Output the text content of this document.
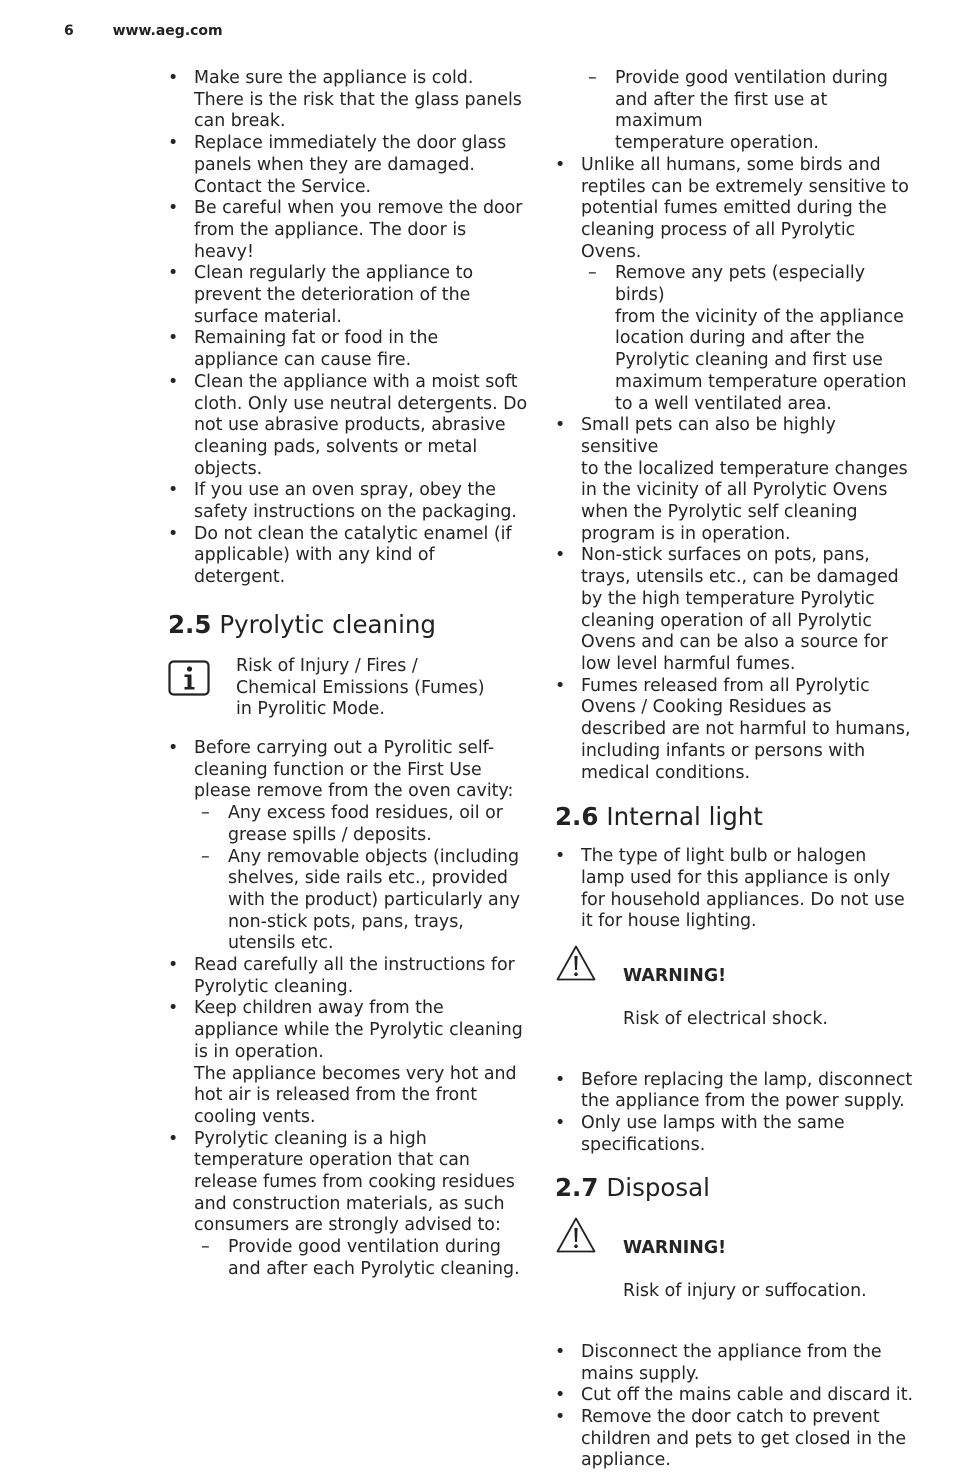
6	www.aeg.com
• Make sure the appliance is cold.
There is the risk that the glass panels
can break.
• Replace immediately the door glass
panels when they are damaged.
Contact the Service.
• Be careful when you remove the door
from the appliance. The door is
heavy!
• Clean regularly the appliance to
prevent the deterioration of the
surface material.
• Remaining fat or food in the
appliance can cause fire.
• Clean the appliance with a moist soft
cloth. Only use neutral detergents. Do
not use abrasive products, abrasive
cleaning pads, solvents or metal
objects.
• If you use an oven spray, obey the
safety instructions on the packaging.
• Do not clean the catalytic enamel (if
applicable) with any kind of
detergent.
2.5 Pyrolytic cleaning
Risk of Injury / Fires /
Chemical Emissions (Fumes)
in Pyrolitic Mode.
• Before carrying out a Pyrolitic self-
cleaning function or the First Use
please remove from the oven cavity:
– Any excess food residues, oil or
grease spills / deposits.
– Any removable objects (including
shelves, side rails etc., provided
with the product) particularly any
non-stick pots, pans, trays,
utensils etc.
• Read carefully all the instructions for
Pyrolytic cleaning.
• Keep children away from the
appliance while the Pyrolytic cleaning
is in operation.
The appliance becomes very hot and
hot air is released from the front
cooling vents.
• Pyrolytic cleaning is a high
temperature operation that can
release fumes from cooking residues
and construction materials, as such
consumers are strongly advised to:
– Provide good ventilation during
and after each Pyrolytic cleaning.
– Provide good ventilation during
and after the first use at maximum
temperature operation.
• Unlike all humans, some birds and
reptiles can be extremely sensitive to
potential fumes emitted during the
cleaning process of all Pyrolytic
Ovens.
– Remove any pets (especially birds)
from the vicinity of the appliance
location during and after the
Pyrolytic cleaning and first use
maximum temperature operation
to a well ventilated area.
• Small pets can also be highly sensitive
to the localized temperature changes
in the vicinity of all Pyrolytic Ovens
when the Pyrolytic self cleaning
program is in operation.
• Non-stick surfaces on pots, pans,
trays, utensils etc., can be damaged
by the high temperature Pyrolytic
cleaning operation of all Pyrolytic
Ovens and can be also a source for
low level harmful fumes.
• Fumes released from all Pyrolytic
Ovens / Cooking Residues as
described are not harmful to humans,
including infants or persons with
medical conditions.
2.6 Internal light
• The type of light bulb or halogen
lamp used for this appliance is only
for household appliances. Do not use
it for house lighting.

WARNING!

Risk of electrical shock.

• Before replacing the lamp, disconnect
the appliance from the power supply.
• Only use lamps with the same
specifications.
2.7 Disposal

WARNING!

Risk of injury or suffocation.

• Disconnect the appliance from the
mains supply.
• Cut off the mains cable and discard it.
• Remove the door catch to prevent
children and pets to get closed in the
appliance.
